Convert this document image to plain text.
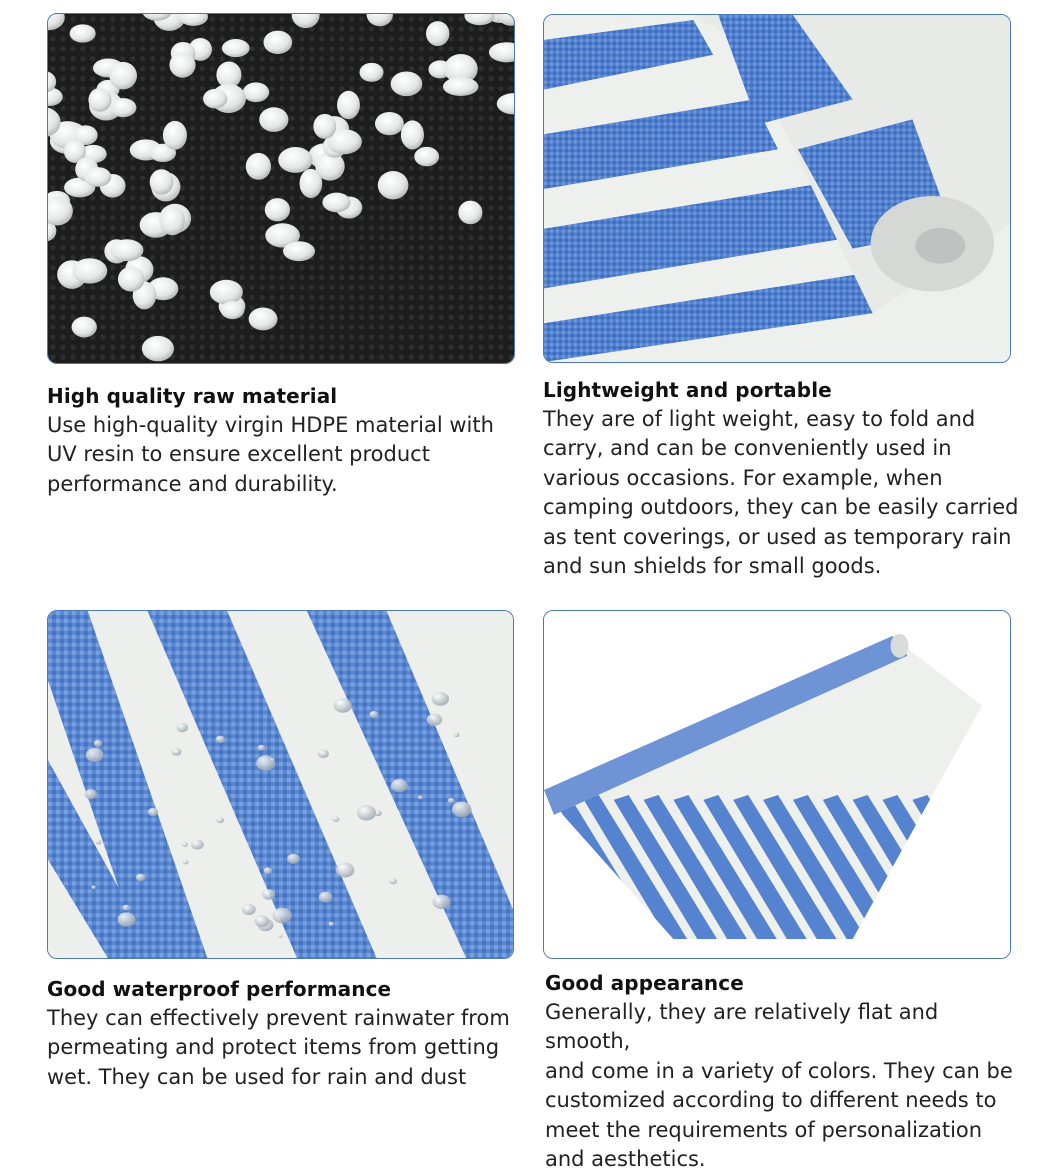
High quality raw material

Use high-quality virgin HDPE material with
UV resin to ensure excellent product
performance and durability.

Lightweight and portable

They are of light weight, easy to fold and
carry, and can be conveniently used in
various occasions. For example, when
camping outdoors, they can be easily carried
as tent coverings, or used as temporary rain
and sun shields for small goods.

Good waterproof performance

They can effectively prevent rainwater from
permeating and protect items from getting
wet. They can be used for rain and dust

Good appearance

Generally, they are relatively flat and smooth,
and come in a variety of colors. They can be
customized according to different needs to
meet the requirements of personalization
and aesthetics.
